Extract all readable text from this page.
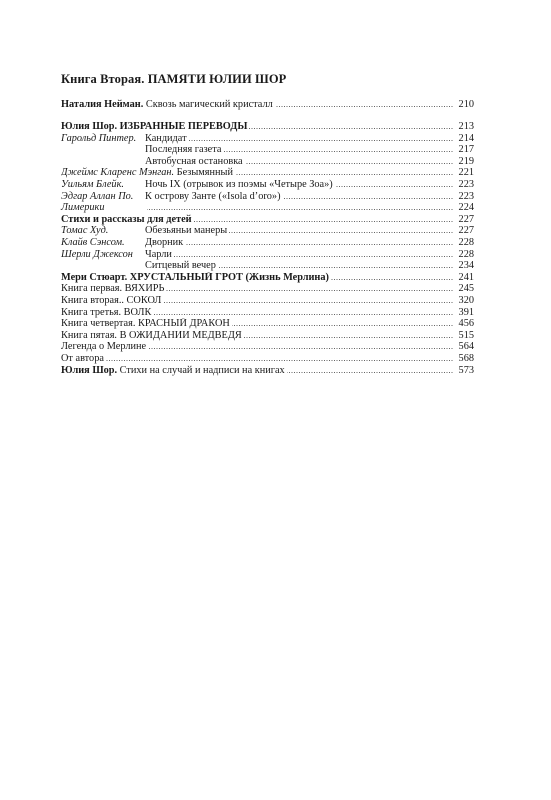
Книга Вторая. ПАМЯТИ ЮЛИИ ШОР
Наталия Нейман. Сквозь магический кристалл .....	210
Юлия Шор. ИЗБРАННЫЕ ПЕРЕВОДЫ .....	213
Гарольд Пинтер. Кандидат .....	214
Последняя газета .....	217
Автобусная остановка .....	219
Джеймс Кларенс Мэнган. Безымянный .....	221
Уильям Блейк.	Ночь IX (отрывок из поэмы «Четыре Зоа») .....	223
Эдгар Аллан По.	К острову Занте («Isola d’oro») .....	223
Лимерики .....	224
Стихи и рассказы для детей .....	227
Томас Худ.	Обезьяньи манеры .....	227
Клайв Сэнсом.	Дворник .....	228
Шерли Джексон	Чарли .....	228
Ситцевый вечер .....	234
Мери Стюарт. ХРУСТАЛЬНЫЙ ГРОТ (Жизнь Мерлина) .....	241
Книга первая. ВЯХИРЬ .....	245
Книга вторая.. СОКОЛ .....	320
Книга третья. ВОЛК .....	391
Книга четвертая. КРАСНЫЙ ДРАКОН .....	456
Книга пятая. В ОЖИДАНИИ МЕДВЕДЯ .....	515
Легенда о Мерлине .....	564
От автора .....	568
Юлия Шор. Стихи на случай и надписи на книгах .....	573
